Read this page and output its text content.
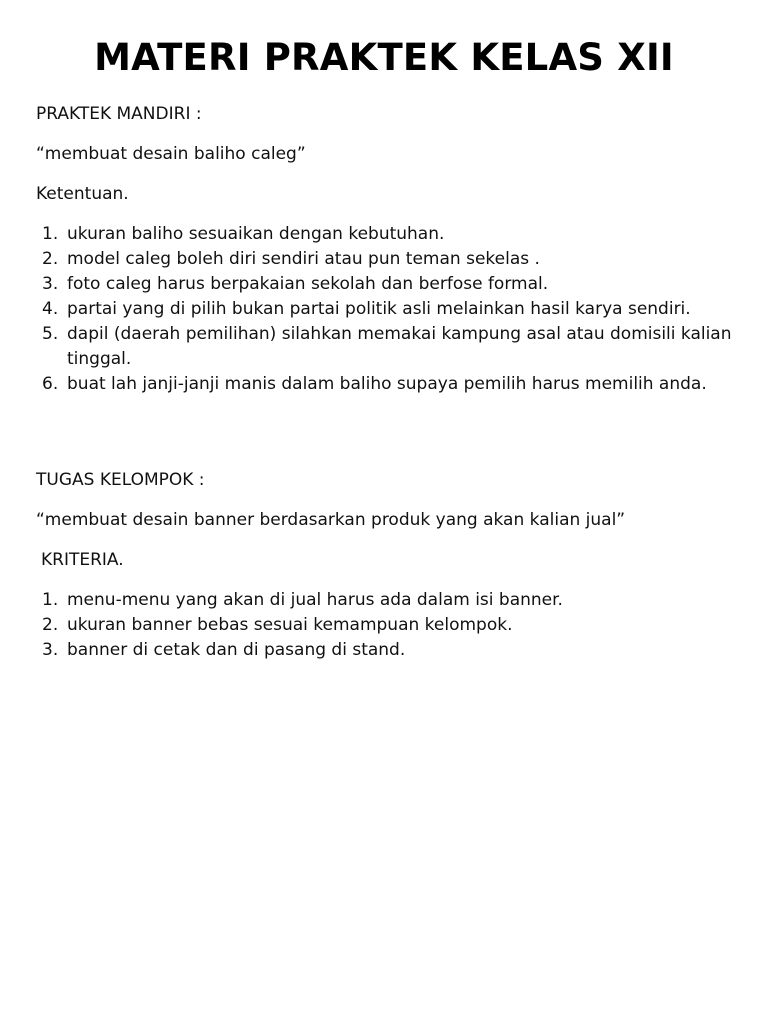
MATERI PRAKTEK KELAS XII

PRAKTEK MANDIRI :

“membuat desain baliho caleg”

Ketentuan.

1. ukuran baliho sesuaikan dengan kebutuhan.
2. model caleg boleh diri sendiri atau pun teman sekelas .
3. foto caleg harus berpakaian sekolah dan berfose formal.
4. partai yang di pilih bukan partai politik asli melainkan hasil karya sendiri.
5. dapil (daerah pemilihan) silahkan memakai kampung asal atau domisili kalian tinggal.
6. buat lah janji-janji manis dalam baliho supaya pemilih harus memilih anda.

TUGAS KELOMPOK :

“membuat desain banner berdasarkan produk yang akan kalian jual”

KRITERIA.

1. menu-menu yang akan di jual harus ada dalam isi banner.
2. ukuran banner bebas sesuai kemampuan kelompok.
3. banner di cetak dan di pasang di stand.
